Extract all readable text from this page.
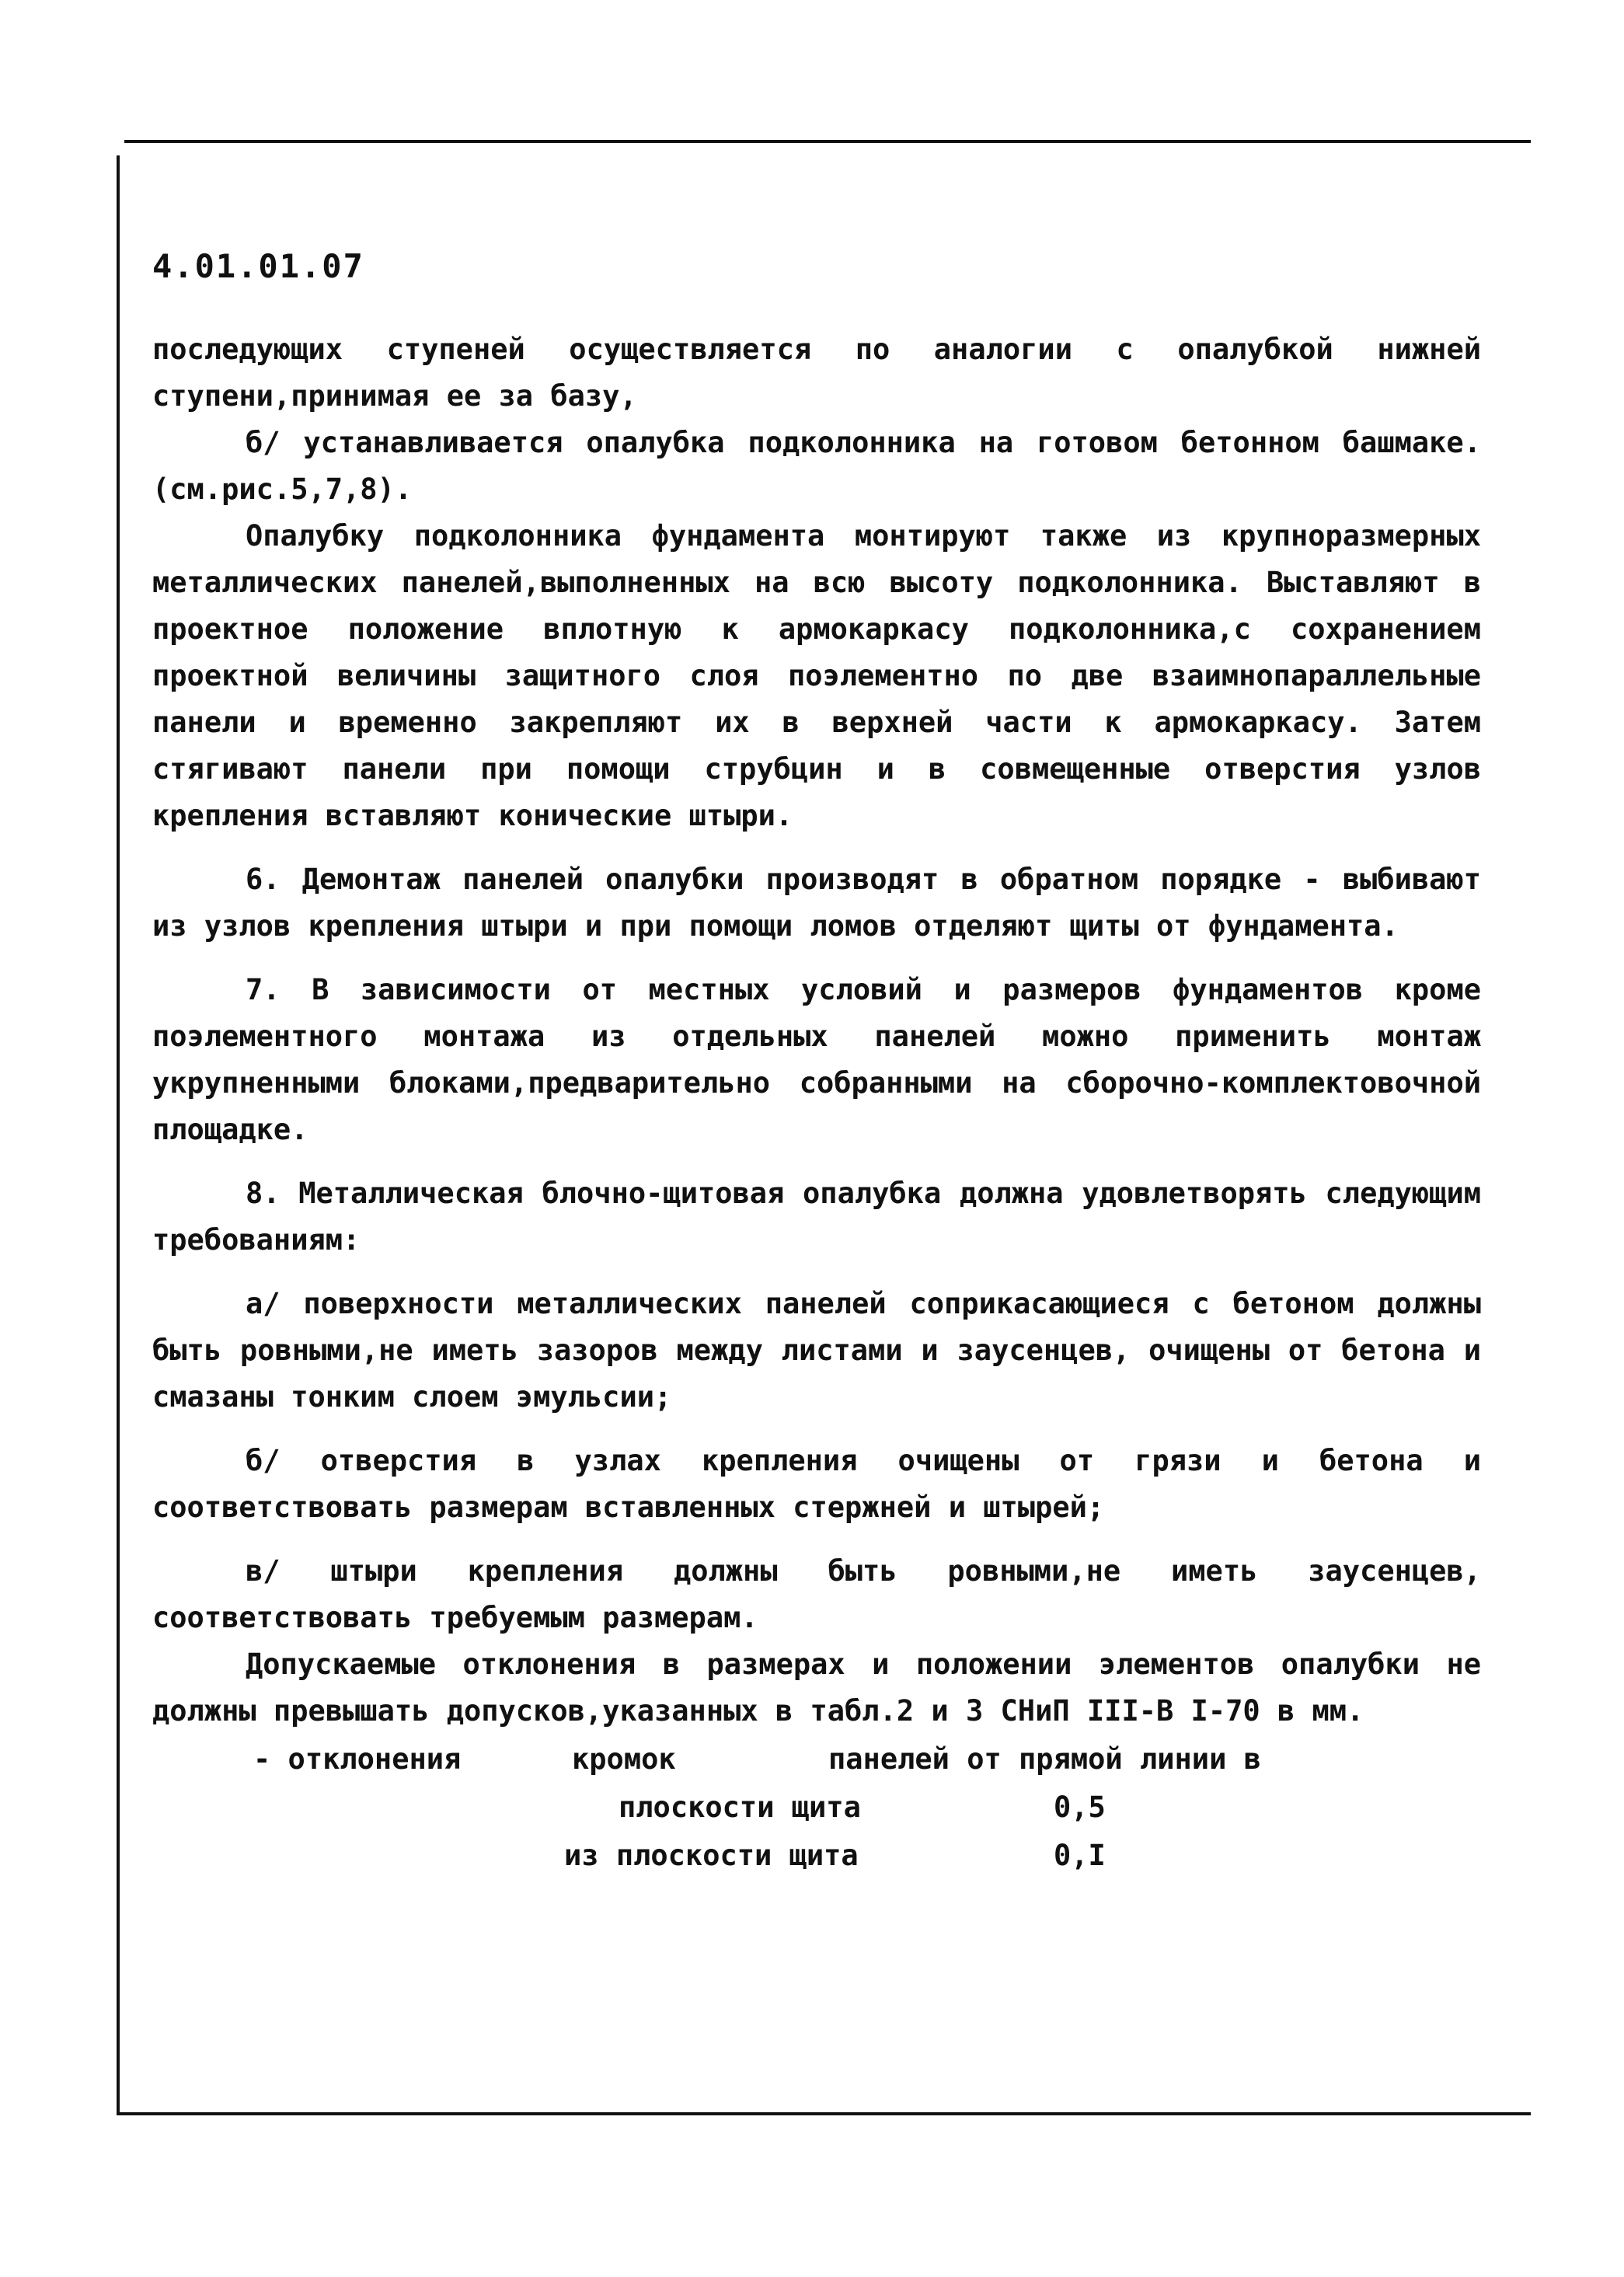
4.01.01.07

последующих ступеней осуществляется по аналогии с опалубкой нижней ступени,принимая ее за базу,

б/ устанавливается опалубка подколонника на готовом бетонном башмаке. (см.рис.5,7,8).

Опалубку подколонника фундамента монтируют также из крупноразмерных металлических панелей,выполненных на всю высоту подколонника. Выставляют в проектное положение вплотную к армокаркасу подколонника,с сохранением проектной величины защитного слоя поэлементно по две взаимнопараллельные панели и временно закрепляют их в верхней части к армокаркасу. Затем стягивают панели при помощи струбцин и в совмещенные отверстия узлов крепления вставляют конические штыри.

6. Демонтаж панелей опалубки производят в обратном порядке - выбивают из узлов крепления штыри и при помощи ломов отделяют щиты от фундамента.

7. В зависимости от местных условий и размеров фундаментов кроме поэлементного монтажа из отдельных панелей можно применить монтаж укрупненными блоками,предварительно собранными на сборочно-комплектовочной площадке.

8. Металлическая блочно-щитовая опалубка должна удовлетворять следующим требованиям:

а/ поверхности металлических панелей соприкасающиеся с бетоном должны быть ровными,не иметь зазоров между листами и заусенцев, очищены от бетона и смазаны тонким слоем эмульсии;

б/ отверстия в узлах крепления очищены от грязи и бетона и соответствовать размерам вставленных стержней и штырей;

в/ штыри крепления должны быть ровными,не иметь заусенцев, соответствовать требуемым размерам.

Допускаемые отклонения в размерах и положении элементов опалубки не должны превышать допусков,указанных в табл.2 и 3 СНиП III-В I-70 в мм.

- отклонения	кромок	панелей от прямой линии в
плоскости щита	0,5
из плоскости щита	0,I
